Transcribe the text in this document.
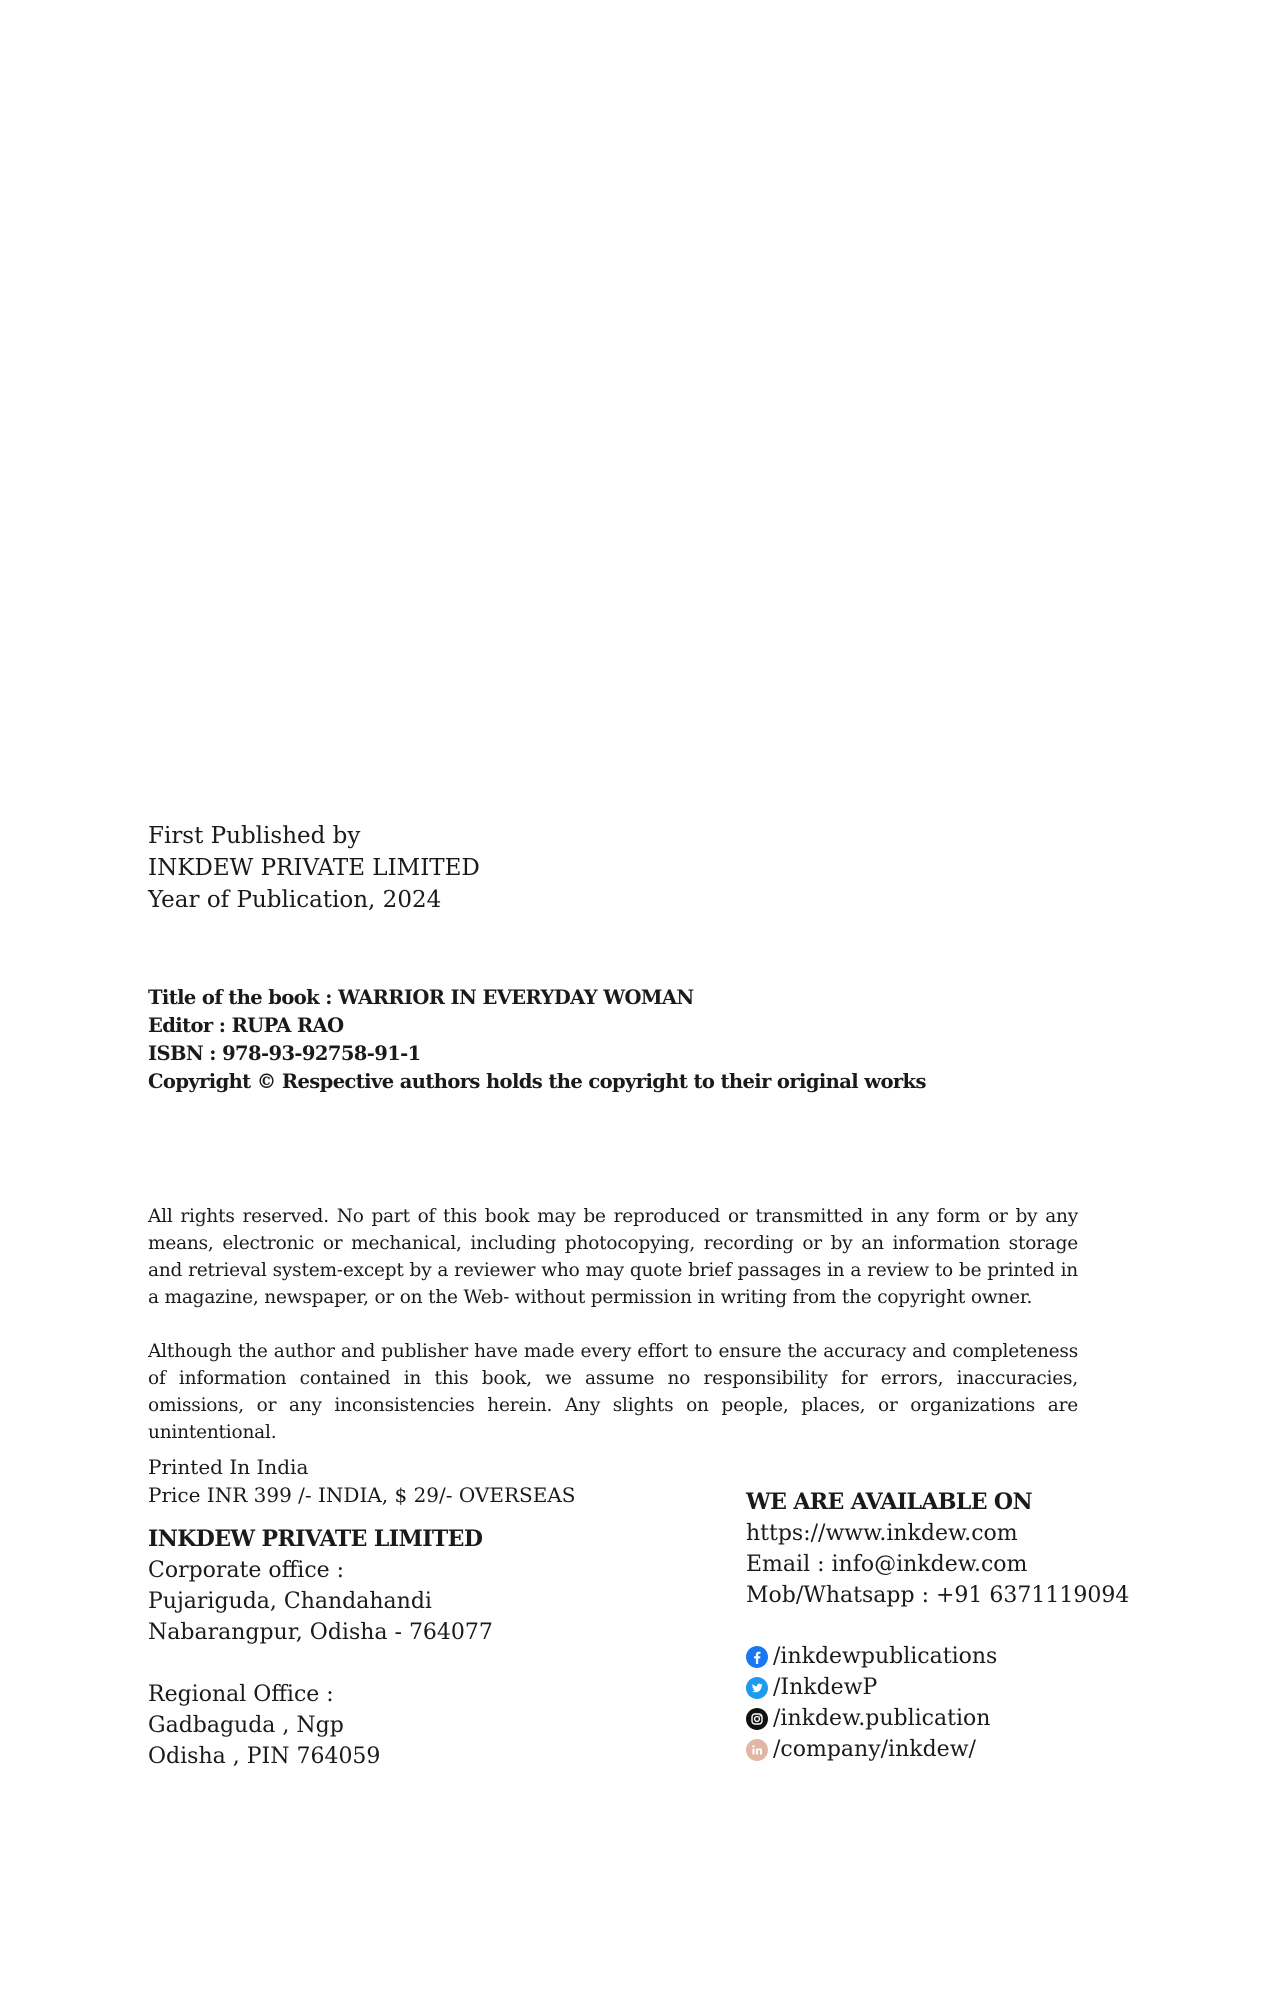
First Published by
INKDEW PRIVATE LIMITED
Year of Publication, 2024
Title of the book : WARRIOR IN EVERYDAY WOMAN
Editor : RUPA RAO
ISBN : 978-93-92758-91-1
Copyright © Respective authors holds the copyright to their original works
All rights reserved. No part of this book may be reproduced or transmitted in any form or by any means, electronic or mechanical, including photocopying, recording or by an information storage and retrieval system-except by a reviewer who may quote brief passages in a review to be printed in a magazine, newspaper, or on the Web- without permission in writing from the copyright owner.
Although the author and publisher have made every effort to ensure the accuracy and completeness of information contained in this book, we assume no responsibility for errors, inaccuracies, omissions, or any inconsistencies herein. Any slights on people, places, or organizations are unintentional.
Printed In India
Price INR 399 /- INDIA, $ 29/- OVERSEAS
INKDEW PRIVATE LIMITED
Corporate office :
Pujariguda, Chandahandi
Nabarangpur, Odisha - 764077
Regional Office :
Gadbaguda , Ngp
Odisha , PIN 764059
WE ARE AVAILABLE ON
https://www.inkdew.com
Email : info@inkdew.com
Mob/Whatsapp : +91 6371119094
/inkdewpublications
/InkdewP
/inkdew.publication
/company/inkdew/
